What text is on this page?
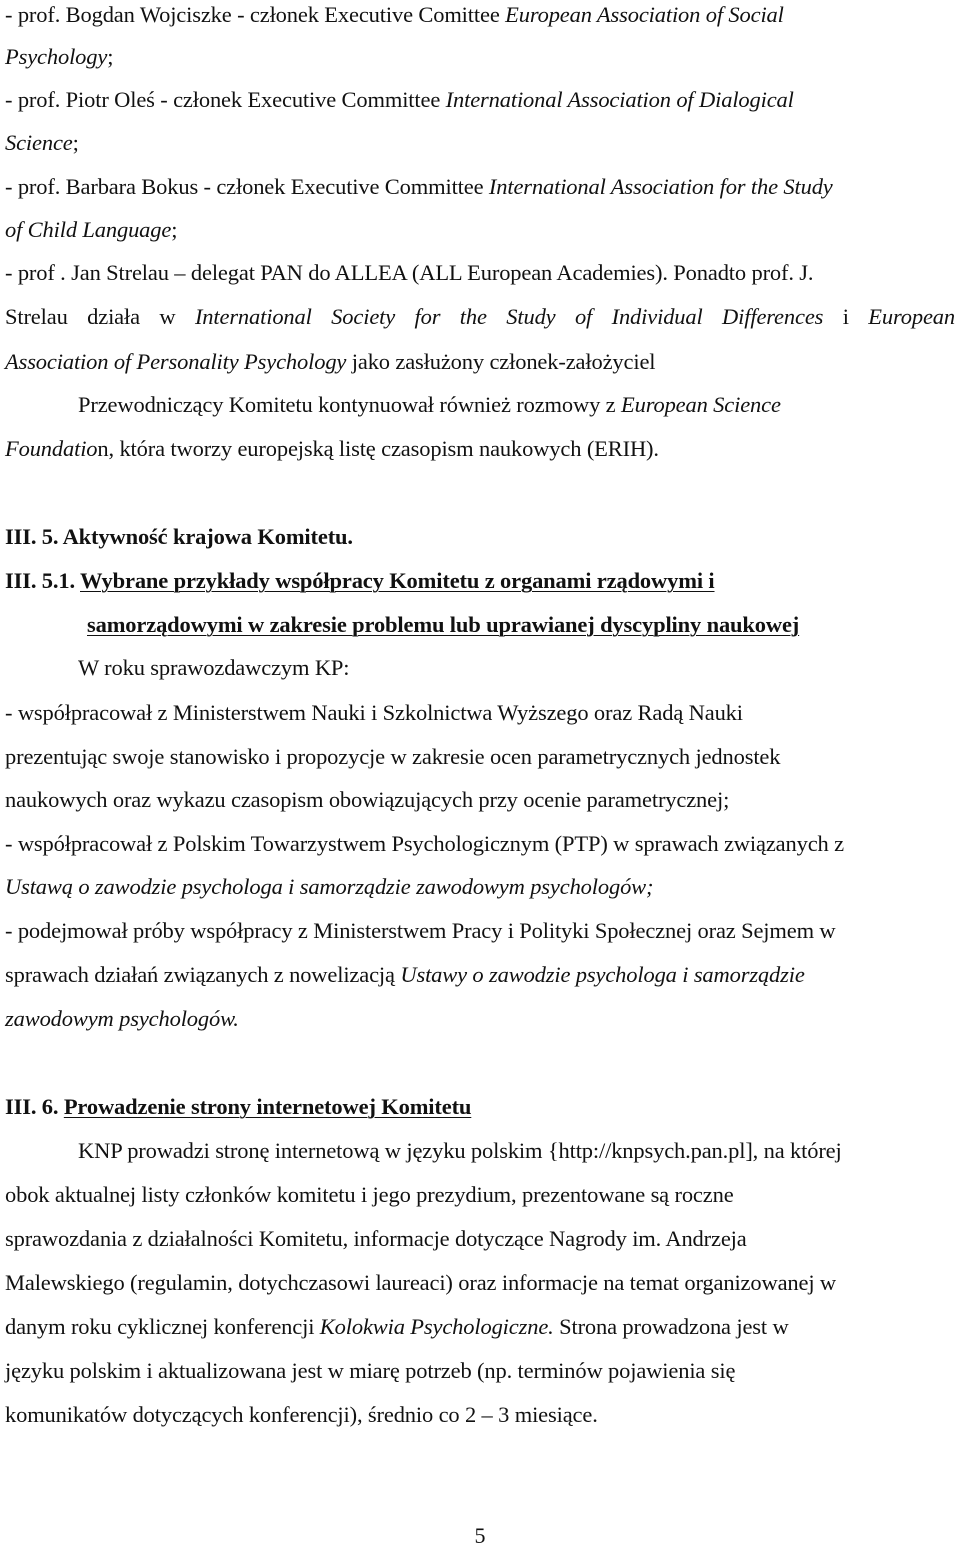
- prof. Bogdan Wojciszke - członek Executive Comittee European Association of Social

Psychology;

- prof. Piotr Oleś - członek Executive Committee International Association of Dialogical

Science;

- prof. Barbara Bokus - członek Executive Committee International Association for the Study

of Child Language;

- prof . Jan Strelau – delegat PAN do ALLEA (ALL European Academies). Ponadto prof. J.

Strelau działa w International Society for the Study of Individual Differences i European

Association of Personality Psychology jako zasłużony członek-założyciel

Przewodniczący Komitetu kontynuował również rozmowy z European Science

Foundation, która tworzy europejską listę czasopism naukowych (ERIH).

III. 5. Aktywność krajowa Komitetu.

III. 5.1. Wybrane przykłady współpracy Komitetu z organami rządowymi i

samorządowymi w zakresie problemu lub uprawianej dyscypliny naukowej

W roku sprawozdawczym KP:

- współpracował z Ministerstwem Nauki i Szkolnictwa Wyższego oraz Radą Nauki

prezentując swoje stanowisko i propozycje w zakresie ocen parametrycznych jednostek

naukowych oraz wykazu czasopism obowiązujących przy ocenie parametrycznej;

- współpracował z Polskim Towarzystwem Psychologicznym (PTP) w sprawach związanych z

Ustawą o zawodzie psychologa i samorządzie zawodowym psychologów;

- podejmował próby współpracy z Ministerstwem Pracy i Polityki Społecznej oraz Sejmem w

sprawach działań związanych z nowelizacją Ustawy o zawodzie psychologa i samorządzie

zawodowym psychologów.

III. 6. Prowadzenie strony internetowej Komitetu

KNP prowadzi stronę internetową w języku polskim {http://knpsych.pan.pl], na której

obok aktualnej listy członków komitetu i jego prezydium, prezentowane są roczne

sprawozdania z działalności Komitetu, informacje dotyczące Nagrody im. Andrzeja

Malewskiego (regulamin, dotychczasowi laureaci) oraz informacje na temat organizowanej w

danym roku cyklicznej konferencji Kolokwia Psychologiczne. Strona prowadzona jest w

języku polskim i aktualizowana jest w miarę potrzeb (np. terminów pojawienia się

komunikatów dotyczących konferencji), średnio co 2 – 3 miesiące.

5
